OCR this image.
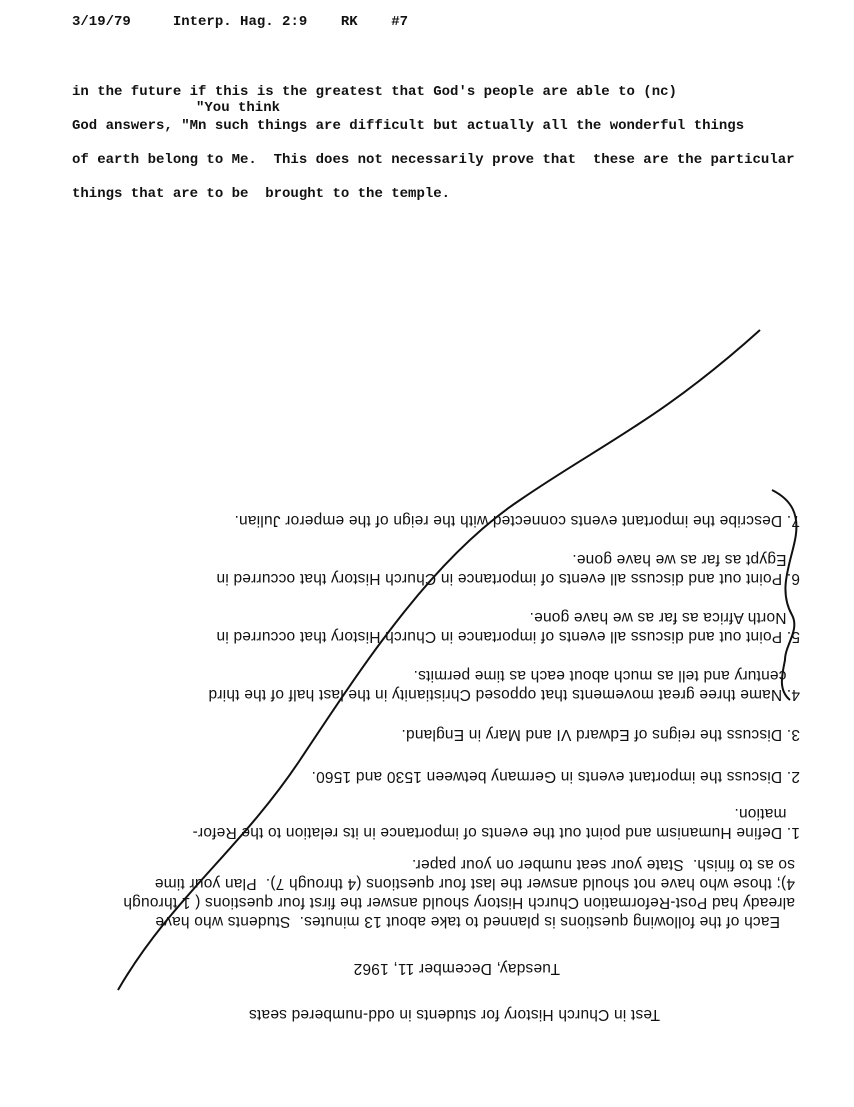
3/19/79	Interp. Hag. 2:9 RK #7
in the future if this is the greatest that God's people are able to (nc)
"You think
God answers, "Mn such things are difficult but actually all the wonderful things
of earth belong to Me.  This does not necessarily prove that  these are the particular
things that are to be  brought to the temple.
Test in Church History for students in odd-numbered seats
Tuesday, December 11, 1962
Each of the following questions is planned to take about 13 minutes.  Students who have
already had Post-Reformation Church History should answer the first four questions ( 1 through
4); those who have not should answer the last four questions (4 through 7).  Plan your time
so as to finish.  State your seat number on your paper.
1. Define Humanism and point out the events of importance in its relation to the Refor-
mation.
2. Discuss the important events in Germany between 1530 and 1560.
3. Discuss the reigns of Edward VI and Mary in England.
4. Name three great movements that opposed Christianity in the last half of the third
century and tell as much about each as time permits.
5. Point out and discuss all events of importance in Church History that occurred in
North Africa as far as we have gone.
6. Point out and discuss all events of importance in Church History that occurred in
Egypt as far as we have gone.
7. Describe the important events connected with the reign of the emperor Julian.
